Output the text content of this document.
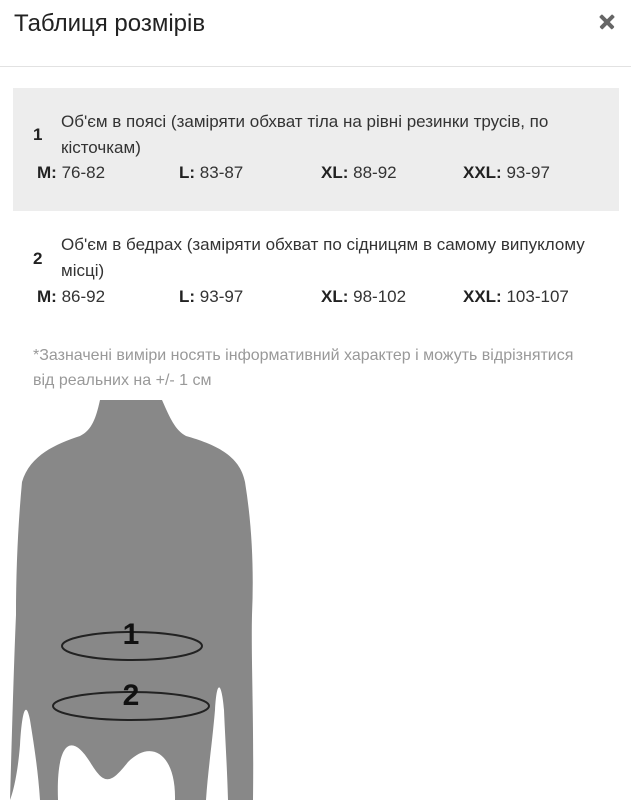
Таблиця розмірів
1
Об'єм в поясі (заміряти обхват тіла на рівні резинки трусів, по кісточкам)
M: 76-82	L: 83-87	XL: 88-92	XXL: 93-97
2
Об'єм в бедрах (заміряти обхват по сідницям в самому випуклому місці)
M: 86-92	L: 93-97	XL: 98-102	XXL: 103-107
*Зазначені виміри носять інформативний характер і можуть відрізнятися від реальних на +/- 1 см
1
2
